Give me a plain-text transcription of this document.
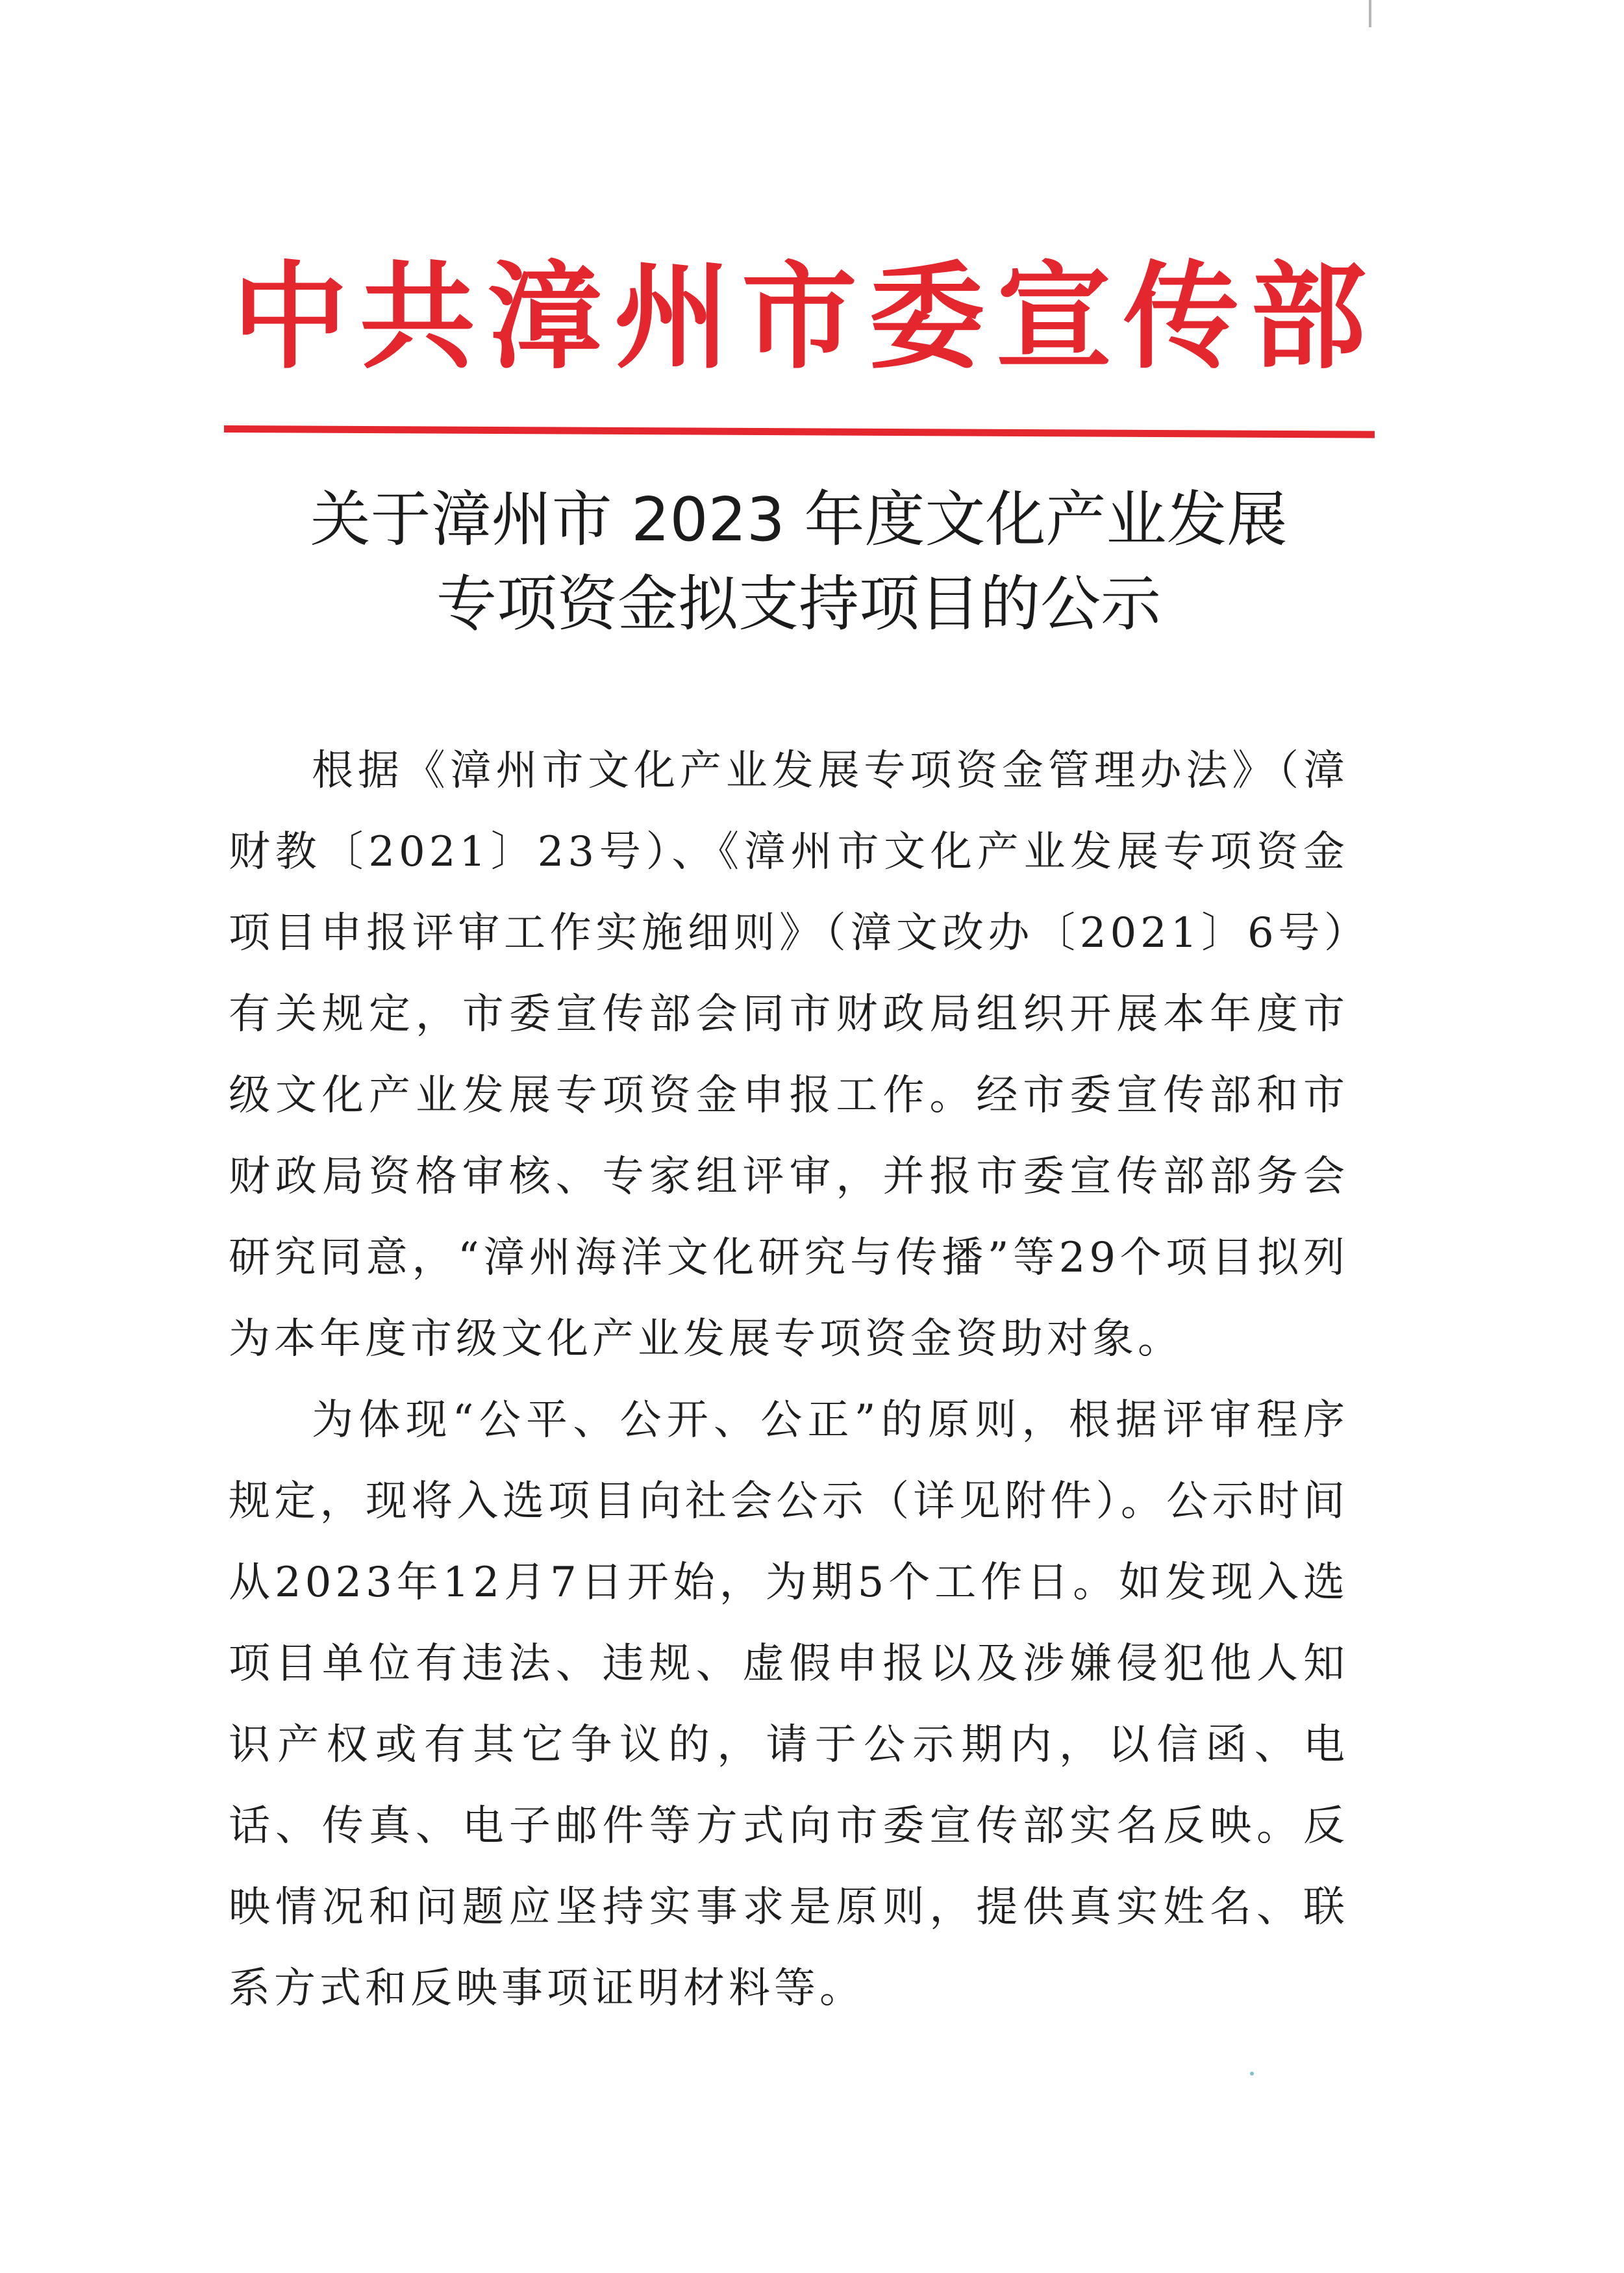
中共漳州市委宣传部
关于漳州市 2023 年度文化产业发展
专项资金拟支持项目的公示

根据《漳州市文化产业发展专项资金管理办法》（漳财教〔2021〕23号）、《漳州市文化产业发展专项资金项目申报评审工作实施细则》（漳文改办〔2021〕6号）有关规定，市委宣传部会同市财政局组织开展本年度市级文化产业发展专项资金申报工作。经市委宣传部和市财政局资格审核、专家组评审，并报市委宣传部部务会研究同意，“漳州海洋文化研究与传播”等29个项目拟列为本年度市级文化产业发展专项资金资助对象。

为体现“公平、公开、公正”的原则，根据评审程序规定，现将入选项目向社会公示（详见附件）。公示时间从2023年12月7日开始，为期5个工作日。如发现入选项目单位有违法、违规、虚假申报以及涉嫌侵犯他人知识产权或有其它争议的，请于公示期内，以信函、电话、传真、电子邮件等方式向市委宣传部实名反映。反映情况和问题应坚持实事求是原则，提供真实姓名、联系方式和反映事项证明材料等。
